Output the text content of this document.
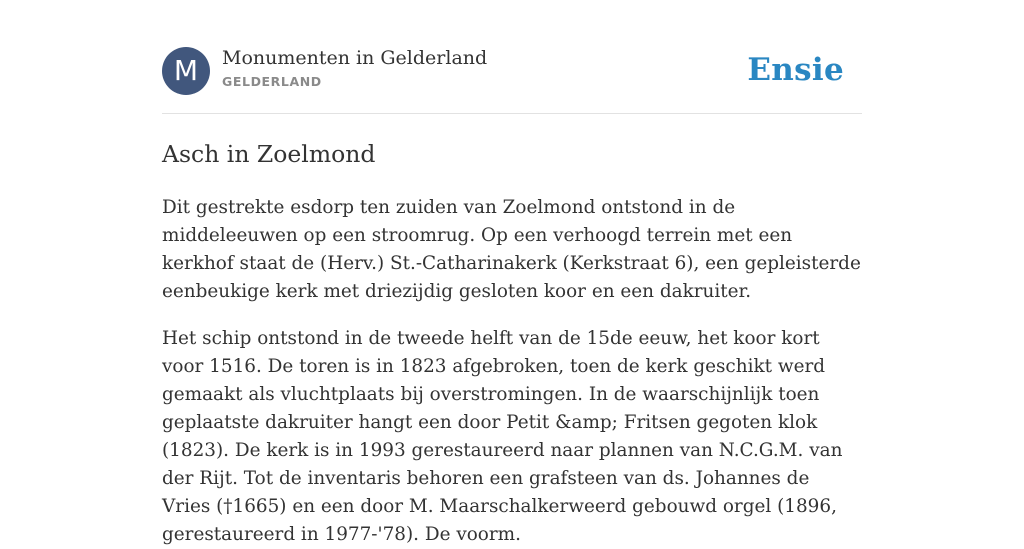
M	Monumenten in Gelderland
GELDERLAND	Ensie
Asch in Zoelmond

Dit gestrekte esdorp ten zuiden van Zoelmond ontstond in de middeleeuwen op een stroomrug. Op een verhoogd terrein met een kerkhof staat de (Herv.) St.-Catharinakerk (Kerkstraat 6), een gepleisterde eenbeukige kerk met driezijdig gesloten koor en een dakruiter.

Het schip ontstond in de tweede helft van de 15de eeuw, het koor kort voor 1516. De toren is in 1823 afgebroken, toen de kerk geschikt werd gemaakt als vluchtplaats bij overstromingen. In de waarschijnlijk toen geplaatste dakruiter hangt een door Petit &amp; Fritsen gegoten klok (1823). De kerk is in 1993 gerestaureerd naar plannen van N.C.G.M. van der Rijt. Tot de inventaris behoren een grafsteen van ds. Johannes de Vries (†1665) en een door M. Maarschalkerweerd gebouwd orgel (1896, gerestaureerd in 1977-'78). De voorm.
